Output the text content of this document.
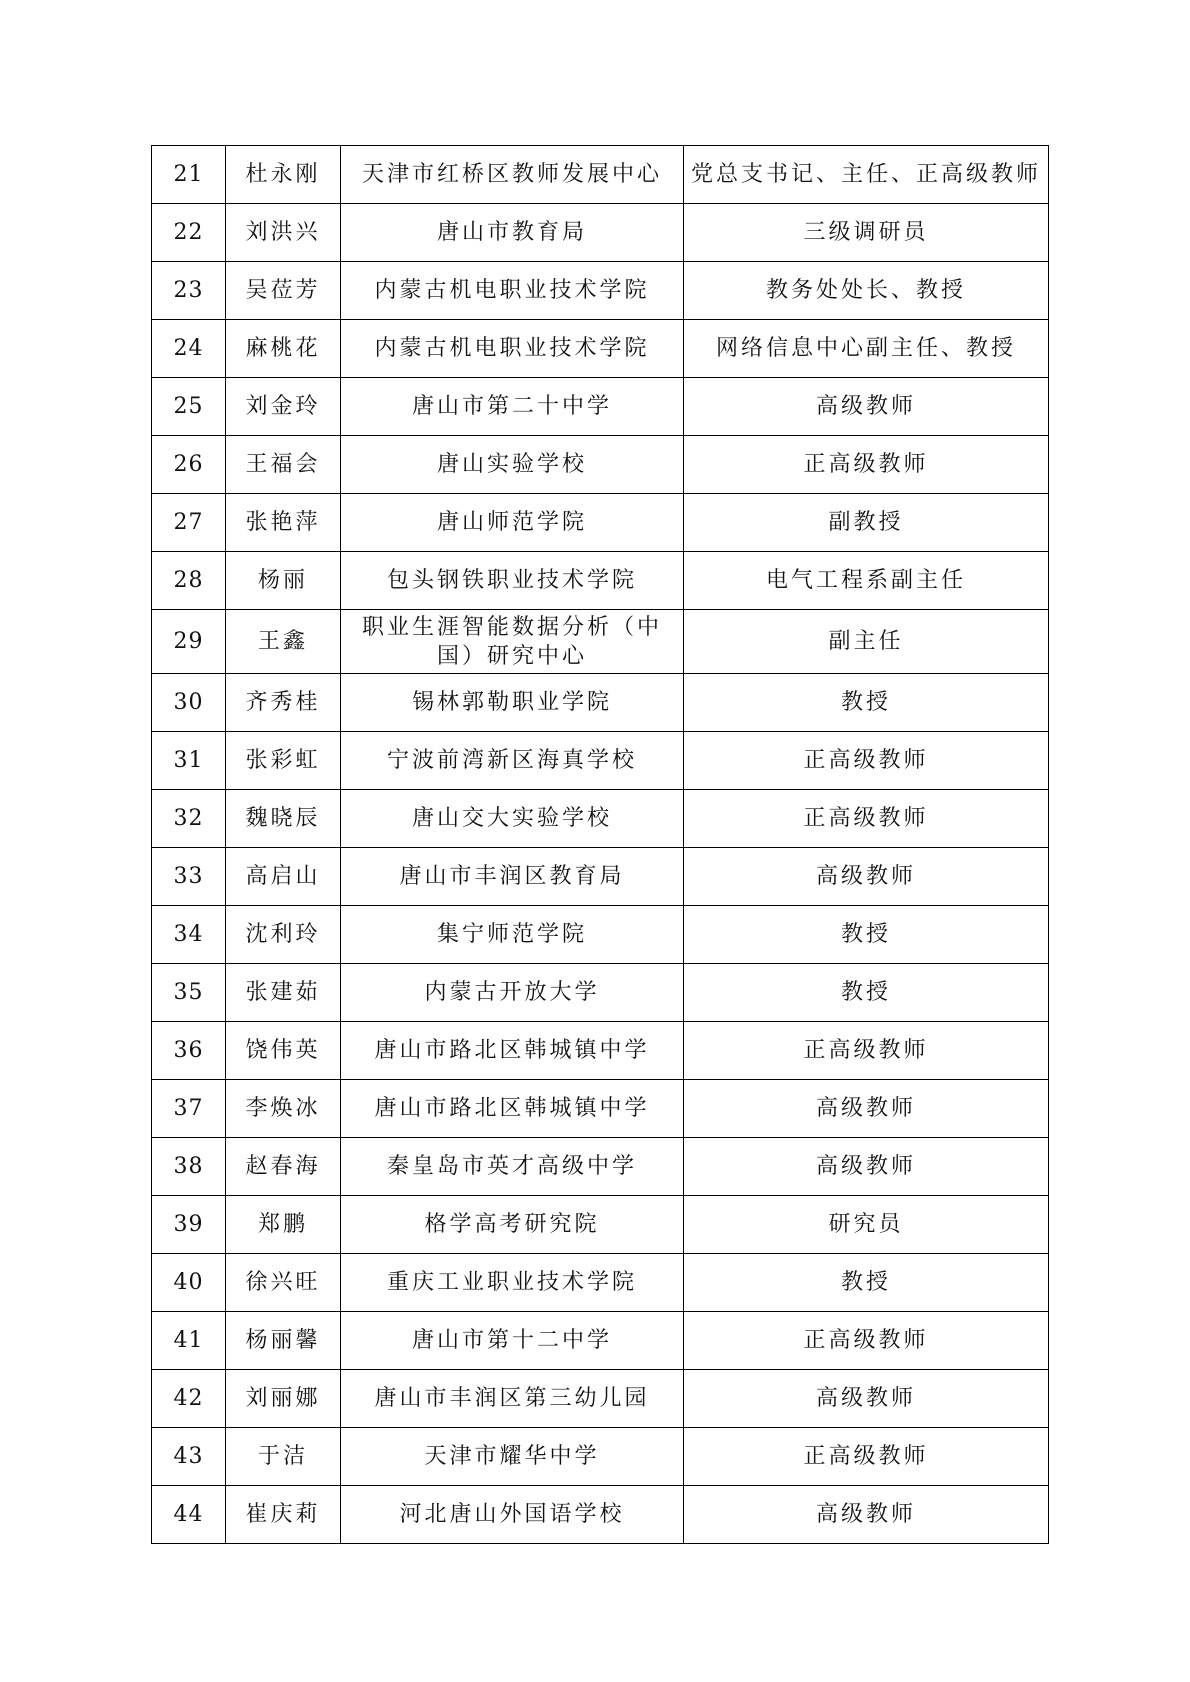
21	杜永刚	天津市红桥区教师发展中心	党总支书记、主任、正高级教师
22	刘洪兴	唐山市教育局	三级调研员
23	吴莅芳	内蒙古机电职业技术学院	教务处处长、教授
24	麻桃花	内蒙古机电职业技术学院	网络信息中心副主任、教授
25	刘金玲	唐山市第二十中学	高级教师
26	王福会	唐山实验学校	正高级教师
27	张艳萍	唐山师范学院	副教授
28	杨丽	包头钢铁职业技术学院	电气工程系副主任
29	王鑫	职业生涯智能数据分析（中国）研究中心	副主任
30	齐秀桂	锡林郭勒职业学院	教授
31	张彩虹	宁波前湾新区海真学校	正高级教师
32	魏晓辰	唐山交大实验学校	正高级教师
33	高启山	唐山市丰润区教育局	高级教师
34	沈利玲	集宁师范学院	教授
35	张建茹	内蒙古开放大学	教授
36	饶伟英	唐山市路北区韩城镇中学	正高级教师
37	李焕冰	唐山市路北区韩城镇中学	高级教师
38	赵春海	秦皇岛市英才高级中学	高级教师
39	郑鹏	格学高考研究院	研究员
40	徐兴旺	重庆工业职业技术学院	教授
41	杨丽馨	唐山市第十二中学	正高级教师
42	刘丽娜	唐山市丰润区第三幼儿园	高级教师
43	于洁	天津市耀华中学	正高级教师
44	崔庆莉	河北唐山外国语学校	高级教师
